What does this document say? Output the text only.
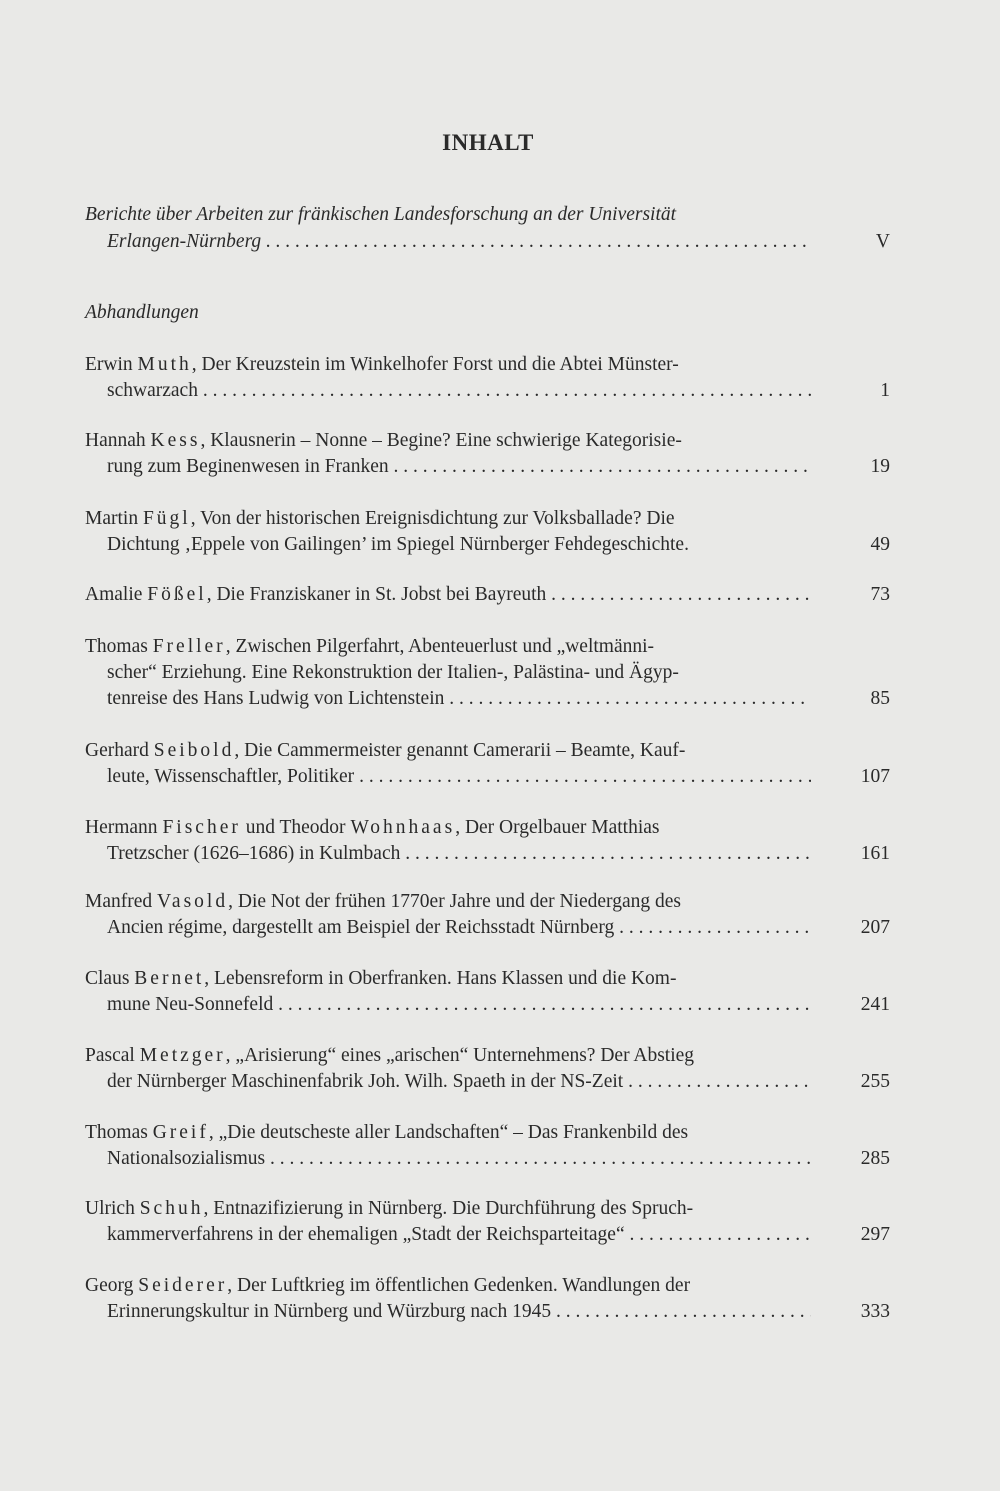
INHALT
Berichte über Arbeiten zur fränkischen Landesforschung an der Universität
Erlangen-Nürnberg . . .	V
Abhandlungen
Erwin Muth, Der Kreuzstein im Winkelhofer Forst und die Abtei Münster-
schwarzach . . .	1
Hannah Kess, Klausnerin – Nonne – Begine? Eine schwierige Kategorisie-
rung zum Beginenwesen in Franken . . .	19
Martin Fügl, Von der historischen Ereignisdichtung zur Volksballade? Die
Dichtung ‚Eppele von Gailingen’ im Spiegel Nürnberger Fehdegeschichte.	49
Amalie Fößel, Die Franziskaner in St. Jobst bei Bayreuth . . .	73
Thomas Freller, Zwischen Pilgerfahrt, Abenteuerlust und „weltmänni-
scher“ Erziehung. Eine Rekonstruktion der Italien-, Palästina- und Ägyp-
tenreise des Hans Ludwig von Lichtenstein . . .	85
Gerhard Seibold, Die Cammermeister genannt Camerarii – Beamte, Kauf-
leute, Wissenschaftler, Politiker . . .	107
Hermann Fischer und Theodor Wohnhaas, Der Orgelbauer Matthias
Tretzscher (1626–1686) in Kulmbach . . .	161
Manfred Vasold, Die Not der frühen 1770er Jahre und der Niedergang des
Ancien régime, dargestellt am Beispiel der Reichsstadt Nürnberg . . .	207
Claus Bernet, Lebensreform in Oberfranken. Hans Klassen und die Kom-
mune Neu-Sonnefeld . . .	241
Pascal Metzger, „Arisierung“ eines „arischen“ Unternehmens? Der Abstieg
der Nürnberger Maschinenfabrik Joh. Wilh. Spaeth in der NS-Zeit . . .	255
Thomas Greif, „Die deutscheste aller Landschaften“ – Das Frankenbild des
Nationalsozialismus . . .	285
Ulrich Schuh, Entnazifizierung in Nürnberg. Die Durchführung des Spruch-
kammerverfahrens in der ehemaligen „Stadt der Reichsparteitage“ . . .	297
Georg Seiderer, Der Luftkrieg im öffentlichen Gedenken. Wandlungen der
Erinnerungskultur in Nürnberg und Würzburg nach 1945 . . .	333
